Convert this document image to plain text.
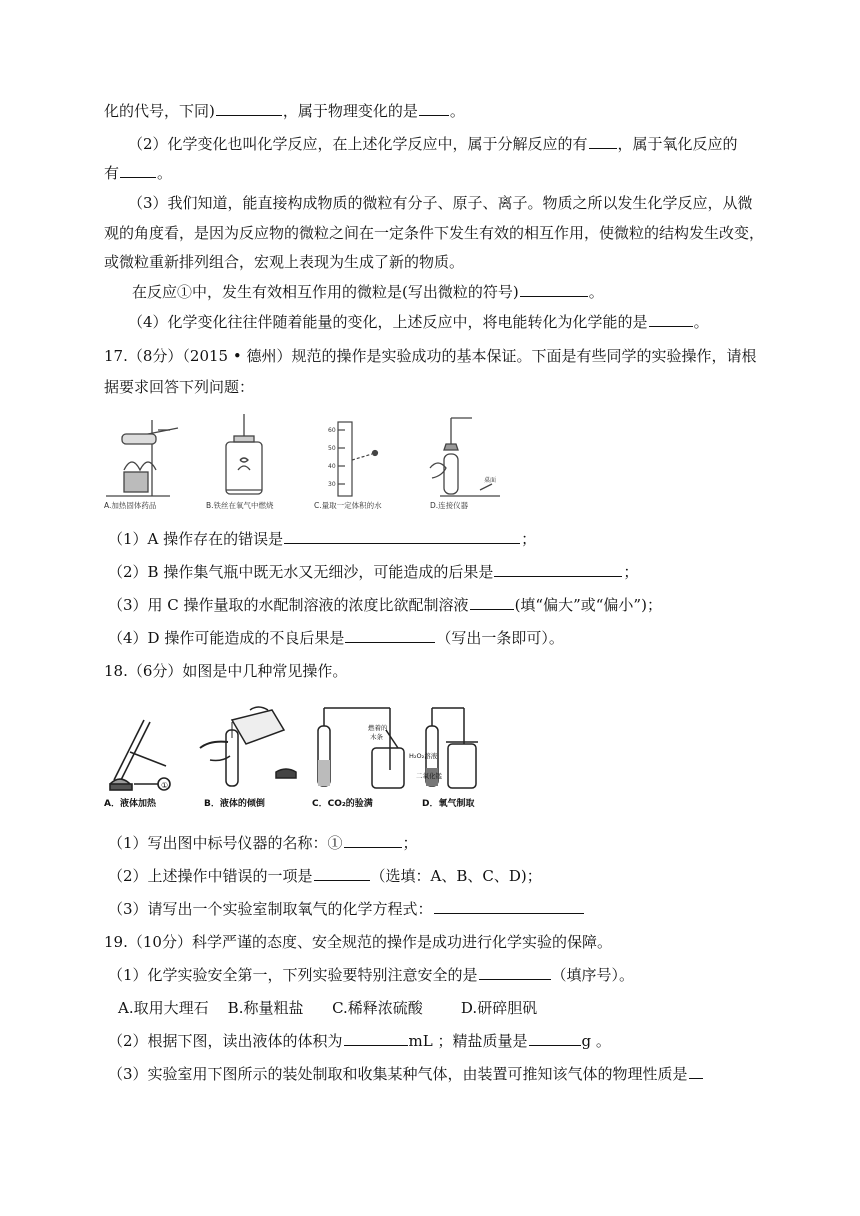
化的代号，下同)	，属于物理变化的是 。
（2）化学变化也叫化学反应，在上述化学反应中，属于分解反应的有 ，属于氧化反应的
有	。
（3）我们知道，能直接构成物质的微粒有分子、原子、离子。物质之所以发生化学反应，从微
观的角度看，是因为反应物的微粒之间在一定条件下发生有效的相互作用，使微粒的结构发生改变，
或微粒重新排列组合，宏观上表现为生成了新的物质。
在反应①中，发生有效相互作用的微粒是(写出微粒的符号)	。
（4）化学变化往往伴随着能量的变化，上述反应中，将电能转化为化学能的是	。
17.（8分）（2015 • 德州）规范的操作是实验成功的基本保证。下面是有些同学的实验操作，请根
据要求回答下列问题：
60
50
40
30
桌面
A.加热固体药品	B.铁丝在氧气中燃烧	C.量取一定体积的水	D.连接仪器
（1）A 操作存在的错误是	；
（2）B 操作集气瓶中既无水又无细沙，可能造成的后果是	；
（3）用 C 操作量取的水配制溶液的浓度比欲配制溶液	(填“偏大”或“偏小”)；
（4）D 操作可能造成的不良后果是	（写出一条即可）。
18.（6分）如图是中几种常见操作。
①
燃着的
木条
H₂O₂溶液
二氧化锰
A．液体加热	B．液体的倾倒	C．CO₂的验满	D．氧气制取
（1）写出图中标号仪器的名称：①	；
（2）上述操作中错误的一项是	（选填：A、B、C、D)；
（3）请写出一个实验室制取氧气的化学方程式：
19.（10分）科学严谨的态度、安全规范的操作是成功进行化学实验的保障。
（1）化学实验安全第一，下列实验要特别注意安全的是	（填序号）。
A.取用大理石    B.称量粗盐      C.稀释浓硫酸        D.研碎胆矾
（2）根据下图，读出液体的体积为	mL ；精盐质量是	g 。
（3）实验室用下图所示的装处制取和收集某种气体，由装置可推知该气体的物理性质是
